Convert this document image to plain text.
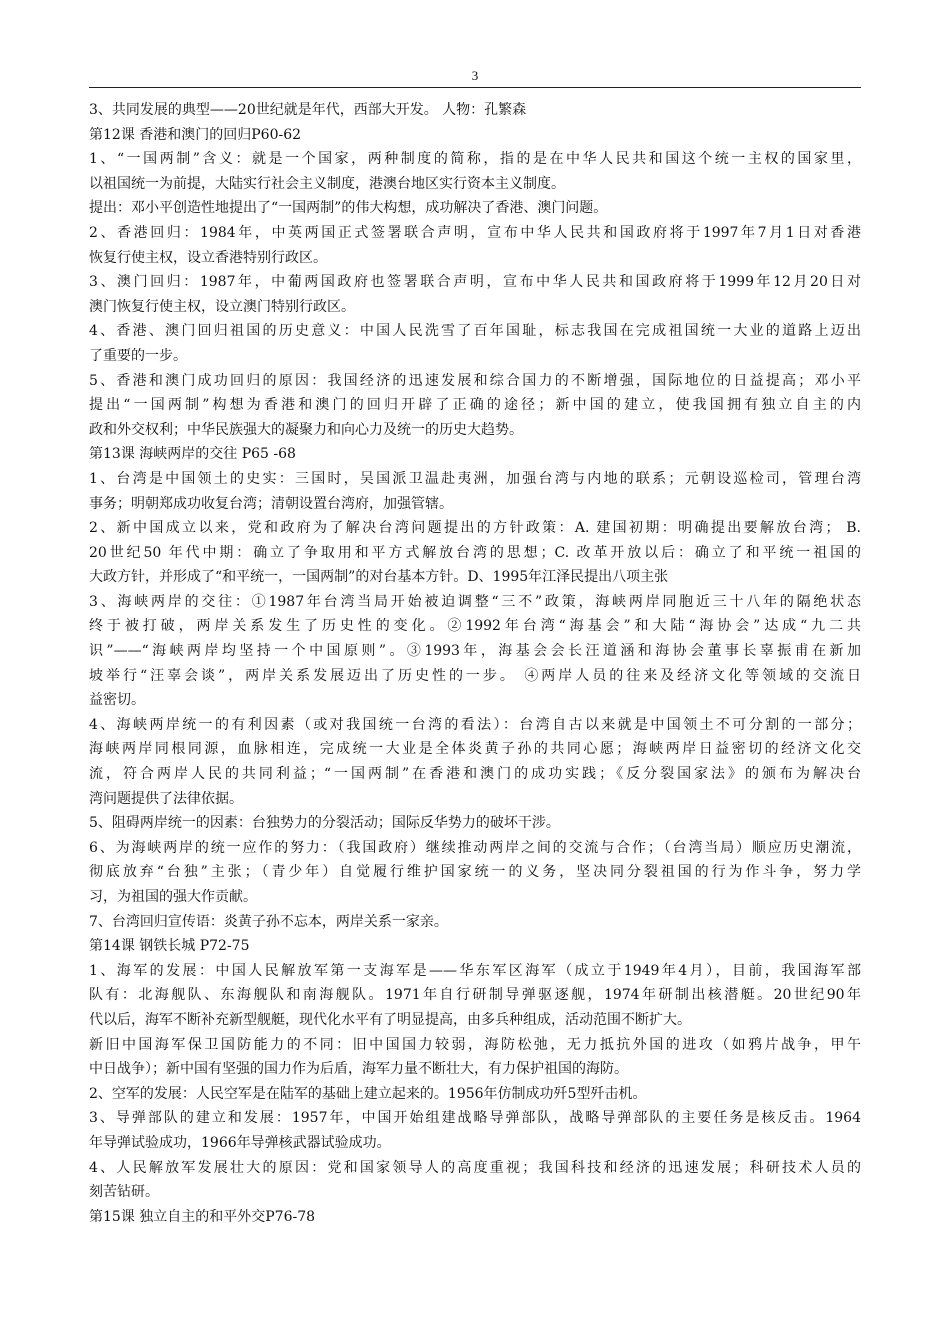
3
3、共同发展的典型——20世纪就是年代，西部大开发。 人物：孔繁森
第12课 香港和澳门的回归P60-62
1、“一国两制”含义：就是一个国家，两种制度的简称，指的是在中华人民共和国这个统一主权的国家里，
以祖国统一为前提，大陆实行社会主义制度，港澳台地区实行资本主义制度。
提出：邓小平创造性地提出了“一国两制”的伟大构想，成功解决了香港、澳门问题。
2、香港回归：1984年，中英两国正式签署联合声明，宣布中华人民共和国政府将于1997年7月1日对香港
恢复行使主权，设立香港特别行政区。
3、澳门回归：1987年，中葡两国政府也签署联合声明，宣布中华人民共和国政府将于1999年12月20日对
澳门恢复行使主权，设立澳门特别行政区。
4、香港、澳门回归祖国的历史意义：中国人民洗雪了百年国耻，标志我国在完成祖国统一大业的道路上迈出
了重要的一步。
5、香港和澳门成功回归的原因：我国经济的迅速发展和综合国力的不断增强，国际地位的日益提高；邓小平
提出“一国两制”构想为香港和澳门的回归开辟了正确的途径；新中国的建立，使我国拥有独立自主的内
政和外交权利；中华民族强大的凝聚力和向心力及统一的历史大趋势。
第13课 海峡两岸的交往 P65 -68
1、台湾是中国领土的史实：三国时，吴国派卫温赴夷洲，加强台湾与内地的联系；元朝设巡检司，管理台湾
事务；明朝郑成功收复台湾；清朝设置台湾府，加强管辖。
2、新中国成立以来，党和政府为了解决台湾问题提出的方针政策：A. 建国初期：明确提出要解放台湾； B.
20世纪50 年代中期：确立了争取用和平方式解放台湾的思想；C. 改革开放以后：确立了和平统一祖国的
大政方针，并形成了“和平统一，一国两制”的对台基本方针。D、1995年江泽民提出八项主张
3、海峡两岸的交往：①1987年台湾当局开始被迫调整“三不”政策，海峡两岸同胞近三十八年的隔绝状态
终于被打破，两岸关系发生了历史性的变化。②1992年台湾“海基会”和大陆“海协会”达成“九二共
识”——“海峡两岸均坚持一个中国原则”。③1993年，海基会会长汪道涵和海协会董事长辜振甫在新加
坡举行“汪辜会谈”，两岸关系发展迈出了历史性的一步。 ④两岸人员的往来及经济文化等领域的交流日
益密切。
4、海峡两岸统一的有利因素（或对我国统一台湾的看法）：台湾自古以来就是中国领土不可分割的一部分；
海峡两岸同根同源，血脉相连，完成统一大业是全体炎黄子孙的共同心愿；海峡两岸日益密切的经济文化交
流，符合两岸人民的共同利益；“一国两制”在香港和澳门的成功实践；《反分裂国家法》的颁布为解决台
湾问题提供了法律依据。
5、阻碍两岸统一的因素：台独势力的分裂活动；国际反华势力的破坏干涉。
6、为海峡两岸的统一应作的努力：（我国政府）继续推动两岸之间的交流与合作；（台湾当局）顺应历史潮流，
彻底放弃“台独”主张；（青少年）自觉履行维护国家统一的义务，坚决同分裂祖国的行为作斗争，努力学
习，为祖国的强大作贡献。
7、台湾回归宣传语：炎黄子孙不忘本，两岸关系一家亲。
第14课 钢铁长城 P72-75
1、海军的发展：中国人民解放军第一支海军是——华东军区海军（成立于1949年4月），目前，我国海军部
队有：北海舰队、东海舰队和南海舰队。1971年自行研制导弹驱逐舰，1974年研制出核潜艇。20世纪90年
代以后，海军不断补充新型舰艇，现代化水平有了明显提高，由多兵种组成，活动范围不断扩大。
新旧中国海军保卫国防能力的不同：旧中国国力较弱，海防松弛，无力抵抗外国的进攻（如鸦片战争，甲午
中日战争）；新中国有坚强的国力作为后盾，海军力量不断壮大，有力保护祖国的海防。
2、空军的发展：人民空军是在陆军的基础上建立起来的。1956年仿制成功歼5型歼击机。
3、导弹部队的建立和发展：1957年，中国开始组建战略导弹部队，战略导弹部队的主要任务是核反击。1964
年导弹试验成功，1966年导弹核武器试验成功。
4、人民解放军发展壮大的原因：党和国家领导人的高度重视；我国科技和经济的迅速发展；科研技术人员的
刻苦钻研。
第15课 独立自主的和平外交P76-78
